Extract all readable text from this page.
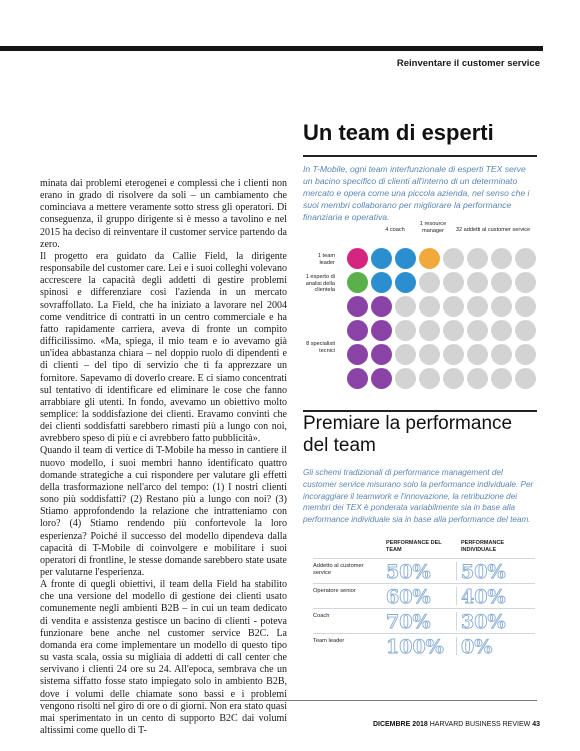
Reinventare il customer service

minata dai problemi eterogenei e complessi che i clienti non erano in grado di risolvere da soli – un cambiamento che cominciava a mettere veramente sotto stress gli operatori. Di conseguenza, il gruppo dirigente si è messo a tavolino e nel 2015 ha deciso di reinventare il customer service partendo da zero.

Il progetto era guidato da Callie Field, la dirigente responsabile del customer care. Lei e i suoi colleghi volevano accrescere la capacità degli addetti di gestire problemi spinosi e differenziare così l'azienda in un mercato sovraffollato. La Field, che ha iniziato a lavorare nel 2004 come venditrice di contratti in un centro commerciale e ha fatto rapidamente carriera, aveva di fronte un compito difficilissimo. «Ma, spiega, il mio team e io avevamo già un'idea abbastanza chiara – nel doppio ruolo di dipendenti e di clienti – del tipo di servizio che ti fa apprezzare un fornitore. Sapevamo di doverlo creare. E ci siamo concentrati sul tentativo di identificare ed eliminare le cose che fanno arrabbiare gli utenti. In fondo, avevamo un obiettivo molto semplice: la soddisfazione dei clienti. Eravamo convinti che dei clienti soddisfatti sarebbero rimasti più a lungo con noi, avrebbero speso di più e ci avrebbero fatto pubblicità».

Quando il team di vertice di T-Mobile ha messo in cantiere il nuovo modello, i suoi membri hanno identificato quattro domande strategiche a cui rispondere per valutare gli effetti della trasformazione nell'arco del tempo: (1) I nostri clienti sono più soddisfatti? (2) Restano più a lungo con noi? (3) Stiamo approfondendo la relazione che intratteniamo con loro? (4) Stiamo rendendo più confortevole la loro esperienza? Poiché il successo del modello dipendeva dalla capacità di T-Mobile di coinvolgere e mobilitare i suoi operatori di frontline, le stesse domande sarebbero state usate per valutarne l'esperienza.

A fronte di quegli obiettivi, il team della Field ha stabilito che una versione del modello di gestione dei clienti usato comunemente negli ambienti B2B – in cui un team dedicato di vendita e assistenza gestisce un bacino di clienti - poteva funzionare bene anche nel customer service B2C. La domanda era come implementare un modello di questo tipo su vasta scala, ossia su migliaia di addetti di call center che servivano i clienti 24 ore su 24. All'epoca, sembrava che un sistema siffatto fosse stato impiegato solo in ambiento B2B, dove i volumi delle chiamate sono bassi e i problemi vengono risolti nel giro di ore o di giorni. Non era stato quasi mai sperimentato in un cento di supporto B2C dai volumi altissimi come quello di T-

Un team di esperti
In T-Mobile, ogni team interfunzionale di esperti TEX serve un bacino specifico di clienti all'interno di un determinato mercato e opera come una piccola azienda, nel senso che i suoi membri collaborano per migliorare la performance finanziaria e operativa.
4 coach
1 resource manager	32 addetti al customer service
1 team leader
1 esperto di analisi della clientela
8 specialisti tecnici
Premiare la performance del team
Gli schemi tradizionali di performance management del customer service misurano solo la performance individuale. Per incoraggiare il teamwork e l'innovazione, la retribuzione dei membri dei TEX è ponderata variabilmente sia in base alla performance individuale sia in base alla performance del team.
PERFORMANCE DEL TEAM
PERFORMANCE INDIVIDUALE
Addetto al customer service	50% 50%
Operatore senior	60% 40%
Coach	70% 30%
Team leader	100% 0%
DICEMBRE 2018 HARVARD BUSINESS REVIEW 43
